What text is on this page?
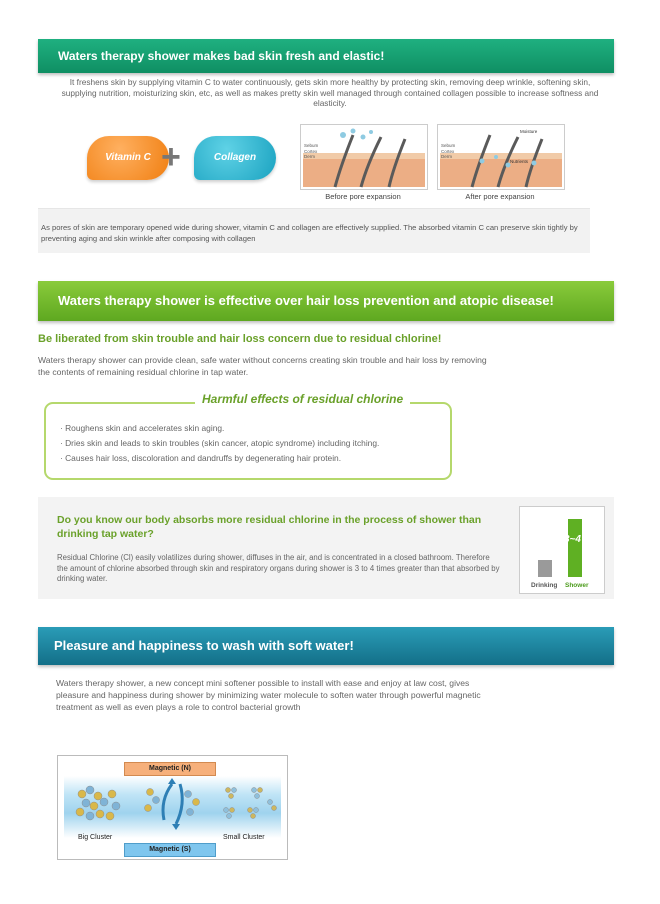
Waters therapy shower makes bad skin fresh and elastic!
It freshens skin by supplying vitamin C to water continuously, gets skin more healthy by protecting skin, removing deep wrinkle, softening skin, supplying nutrition, moisturizing skin, etc, as well as makes pretty skin well managed through contained collagen possible to increase softness and elasticity.
Vitamin C +	Collagen
Sebum
Cortex
Derm
Sebum
Cortex
Derm
Moisture
Nutrients
Before pore expansion	After pore expansion

As pores of skin are temporary opened wide during shower, vitamin C and collagen are effectively supplied. The absorbed vitamin C can preserve skin tightly by preventing aging and skin wrinkle after composing with collagen

Waters therapy shower is effective over hair loss prevention and atopic disease!
Be liberated from skin trouble and hair loss concern due to residual chlorine!
Waters therapy shower can provide clean, safe water without concerns creating skin trouble and hair loss by removing the contents of remaining residual chlorine in tap water.
Harmful effects of residual chlorine
· Roughens skin and accelerates skin aging.
· Dries skin and leads to skin troubles (skin cancer, atopic syndrome) including itching.
· Causes hair loss, discoloration and dandruffs by degenerating hair protein.
Do you know our body absorbs more residual chlorine in the process of shower than drinking tap water?
Residual Chlorine (Cl) easily volatilizes during shower, diffuses in the air, and is concentrated in a closed bathroom. Therefore the amount of chlorine absorbed through skin and respiratory organs during shower is 3 to 4 times greater than that absorbed by drinking water.
3~4
Drinking Shower
Pleasure and happiness to wash with soft water!
Waters therapy shower, a new concept mini softener possible to install with ease and enjoy at law cost, gives pleasure and happiness during shower by minimizing water molecule to soften water through powerful magnetic treatment as well as even plays a role to control bacterial growth
Magnetic (N)
Magnetic (S)
Big Cluster	Small Cluster
